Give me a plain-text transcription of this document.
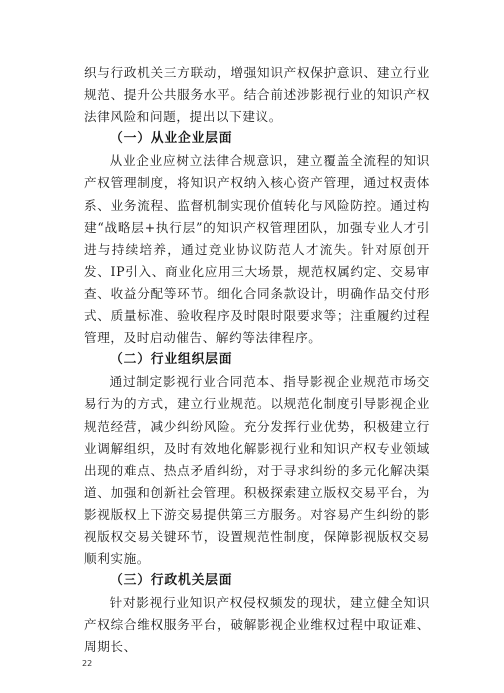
织与行政机关三方联动，增强知识产权保护意识、建立行业规范、提升公共服务水平。结合前述涉影视行业的知识产权法律风险和问题，提出以下建议。

（一）从业企业层面

从业企业应树立法律合规意识，建立覆盖全流程的知识产权管理制度，将知识产权纳入核心资产管理，通过权责体系、业务流程、监督机制实现价值转化与风险防控。通过构建“战略层+执行层”的知识产权管理团队，加强专业人才引进与持续培养，通过竞业协议防范人才流失。针对原创开发、IP引入、商业化应用三大场景，规范权属约定、交易审查、收益分配等环节。细化合同条款设计，明确作品交付形式、质量标准、验收程序及时限时限要求等；注重履约过程管理，及时启动催告、解约等法律程序。

（二）行业组织层面

通过制定影视行业合同范本、指导影视企业规范市场交易行为的方式，建立行业规范。以规范化制度引导影视企业规范经营，减少纠纷风险。充分发挥行业优势，积极建立行业调解组织，及时有效地化解影视行业和知识产权专业领域出现的难点、热点矛盾纠纷，对于寻求纠纷的多元化解决渠道、加强和创新社会管理。积极探索建立版权交易平台，为影视版权上下游交易提供第三方服务。对容易产生纠纷的影视版权交易关键环节，设置规范性制度，保障影视版权交易顺利实施。

（三）行政机关层面

针对影视行业知识产权侵权频发的现状，建立健全知识产权综合维权服务平台，破解影视企业维权过程中取证难、周期长、

22
